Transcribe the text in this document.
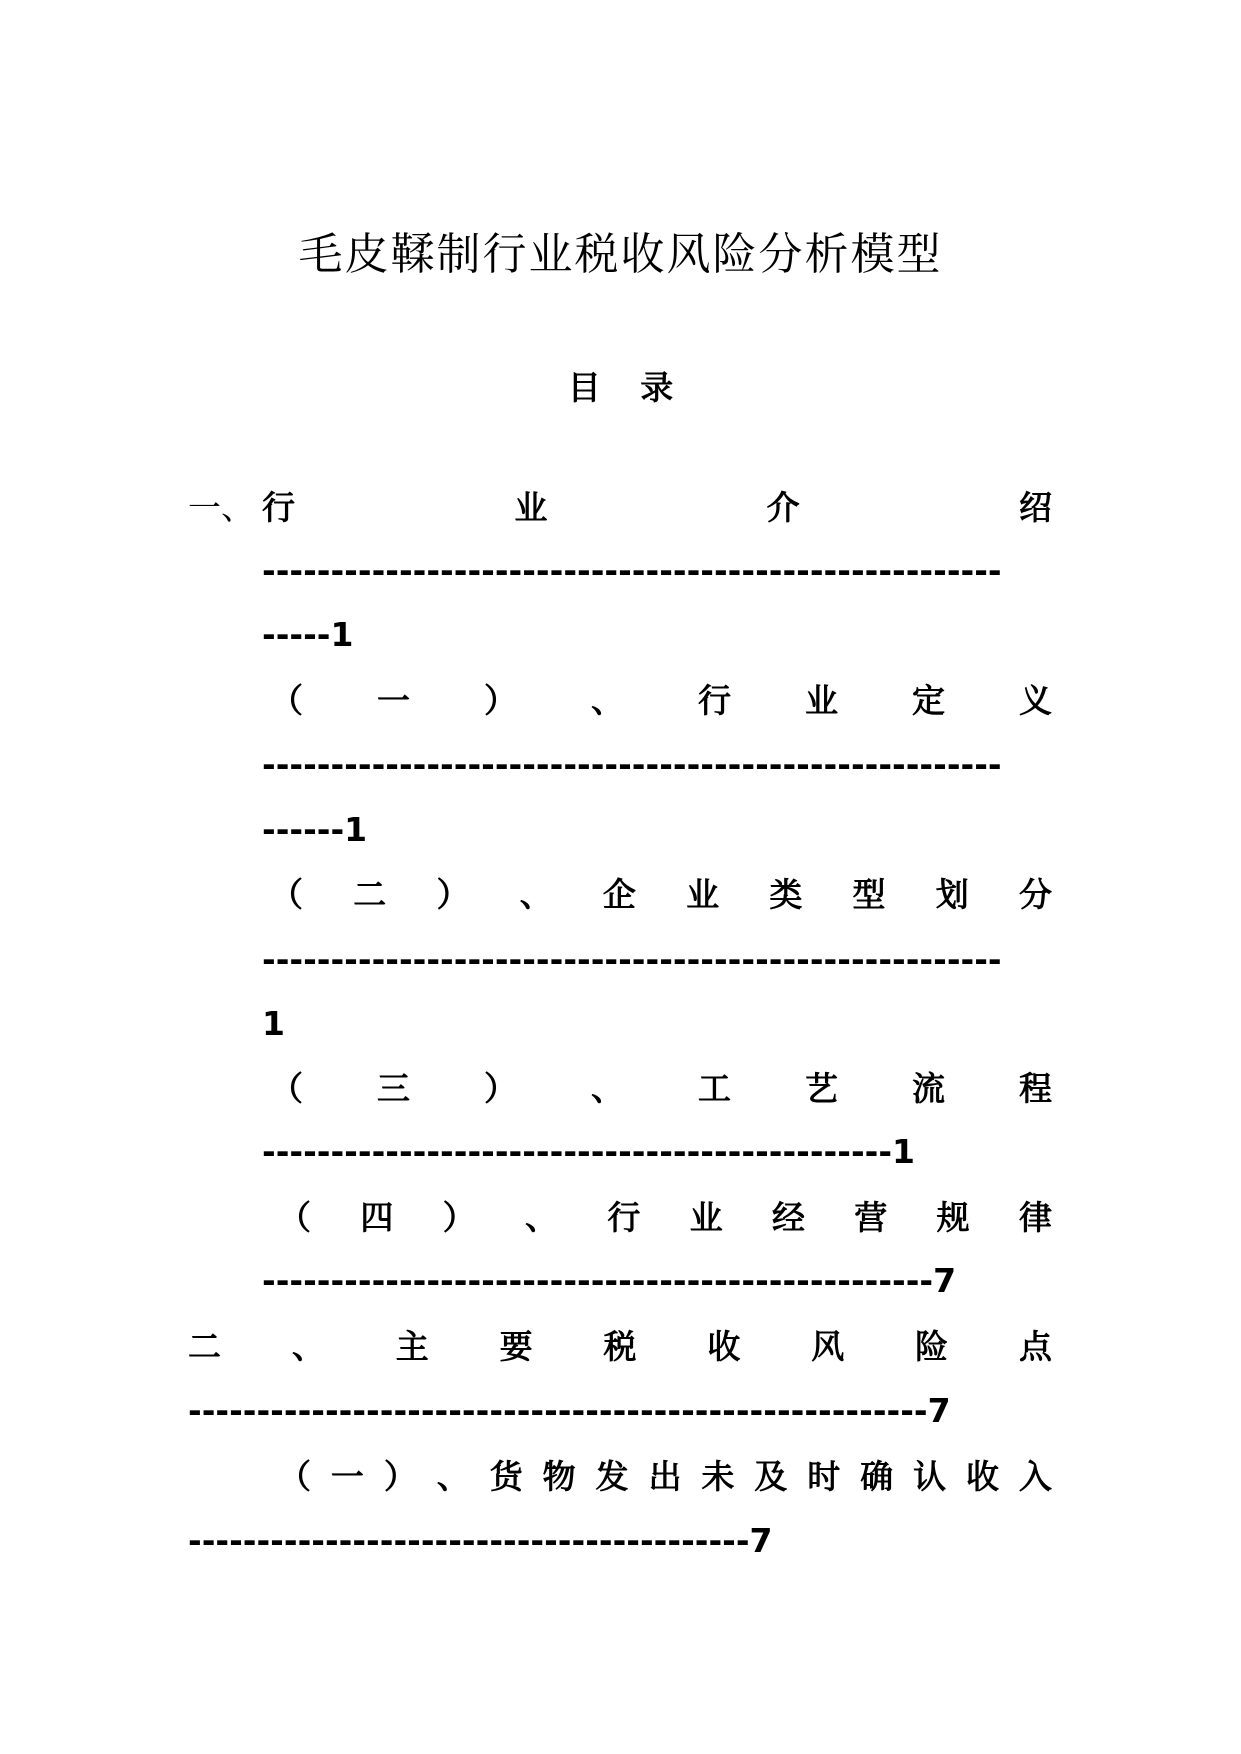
毛皮鞣制行业税收风险分析模型
目 录
一、 行	业	介	绍
------------------------------------------------------
-----1
（ 一 ） 、 行 业 定 义
------------------------------------------------------
------1
（ 二 ） 、 企 业 类 型 划 分
------------------------------------------------------
1
（ 三 ） 、 工 艺 流 程
----------------------------------------------1
（ 四 ） 、 行 业 经 营 规 律
-------------------------------------------------7
二 、 主 要 税 收 风 险 点
------------------------------------------------------7
（ 一 ） 、 货 物 发 出 未 及 时 确 认 收 入
-----------------------------------------7
